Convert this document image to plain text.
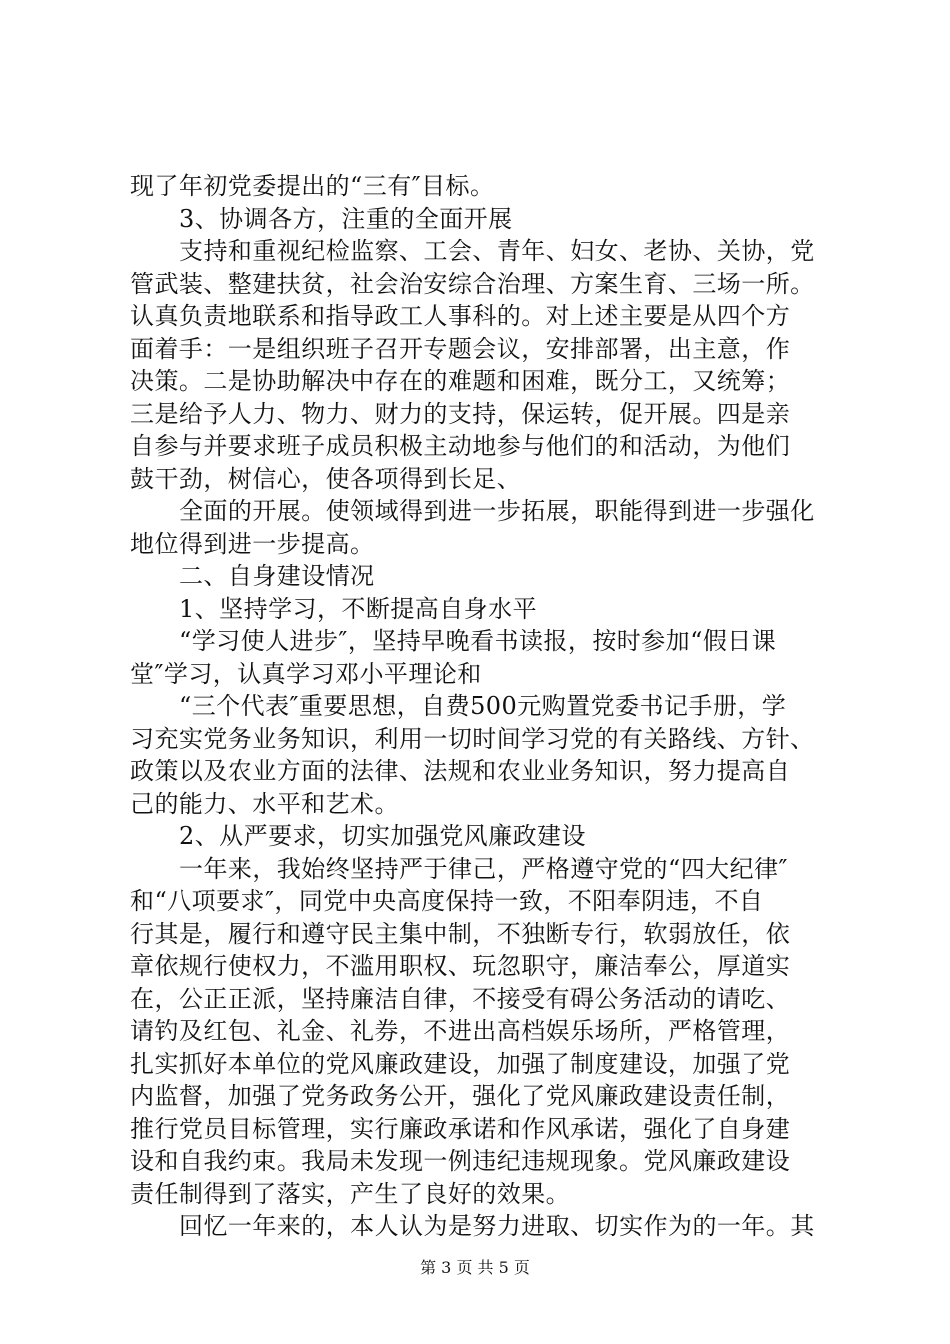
现了年初党委提出的“三有″目标。
3、协调各方，注重的全面开展
支持和重视纪检监察、工会、青年、妇女、老协、关协，党
管武装、整建扶贫，社会治安综合治理、方案生育、三场一所。
认真负责地联系和指导政工人事科的。对上述主要是从四个方
面着手：一是组织班子召开专题会议，安排部署，出主意，作
决策。二是协助解决中存在的难题和困难，既分工，又统筹；
三是给予人力、物力、财力的支持，保运转，促开展。四是亲
自参与并要求班子成员积极主动地参与他们的和活动，为他们
鼓干劲，树信心，使各项得到长足、
全面的开展。使领域得到进一步拓展，职能得到进一步强化
地位得到进一步提高。
二、自身建设情况
1、坚持学习，不断提高自身水平
“学习使人进步″，坚持早晚看书读报，按时参加“假日课
堂″学习，认真学习邓小平理论和
“三个代表″重要思想，自费500元购置党委书记手册，学
习充实党务业务知识，利用一切时间学习党的有关路线、方针、
政策以及农业方面的法律、法规和农业业务知识，努力提高自
己的能力、水平和艺术。
2、从严要求，切实加强党风廉政建设
一年来，我始终坚持严于律己，严格遵守党的“四大纪律″
和“八项要求″，同党中央高度保持一致，不阳奉阴违，不自
行其是，履行和遵守民主集中制，不独断专行，软弱放任，依
章依规行使权力，不滥用职权、玩忽职守，廉洁奉公，厚道实
在，公正正派，坚持廉洁自律，不接受有碍公务活动的请吃、
请钓及红包、礼金、礼券，不进出高档娱乐场所，严格管理，
扎实抓好本单位的党风廉政建设，加强了制度建设，加强了党
内监督，加强了党务政务公开，强化了党风廉政建设责任制，
推行党员目标管理，实行廉政承诺和作风承诺，强化了自身建
设和自我约束。我局未发现一例违纪违规现象。党风廉政建设
责任制得到了落实，产生了良好的效果。
回忆一年来的，本人认为是努力进取、切实作为的一年。其
第 3 页 共 5 页
